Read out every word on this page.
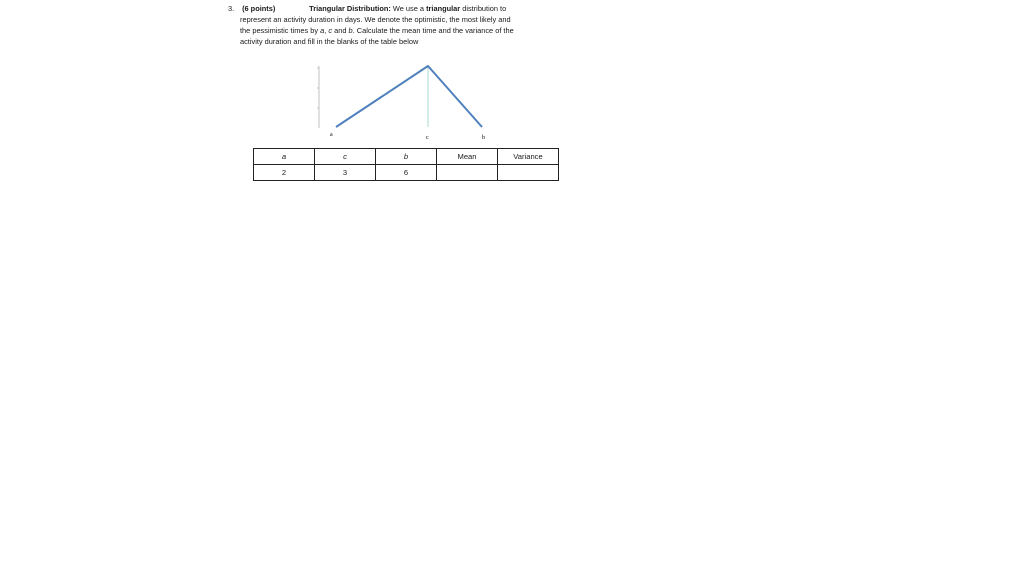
3. (6 points)	Triangular Distribution: We use a triangular distribution to
represent an activity duration in days. We denote the optimistic, the most likely and
the pessimistic times by a, c and b. Calculate the mean time and the variance of the
activity duration and fill in the blanks of the table below
a	c	b
a	c	b	Mean	Variance
2	3	6		
